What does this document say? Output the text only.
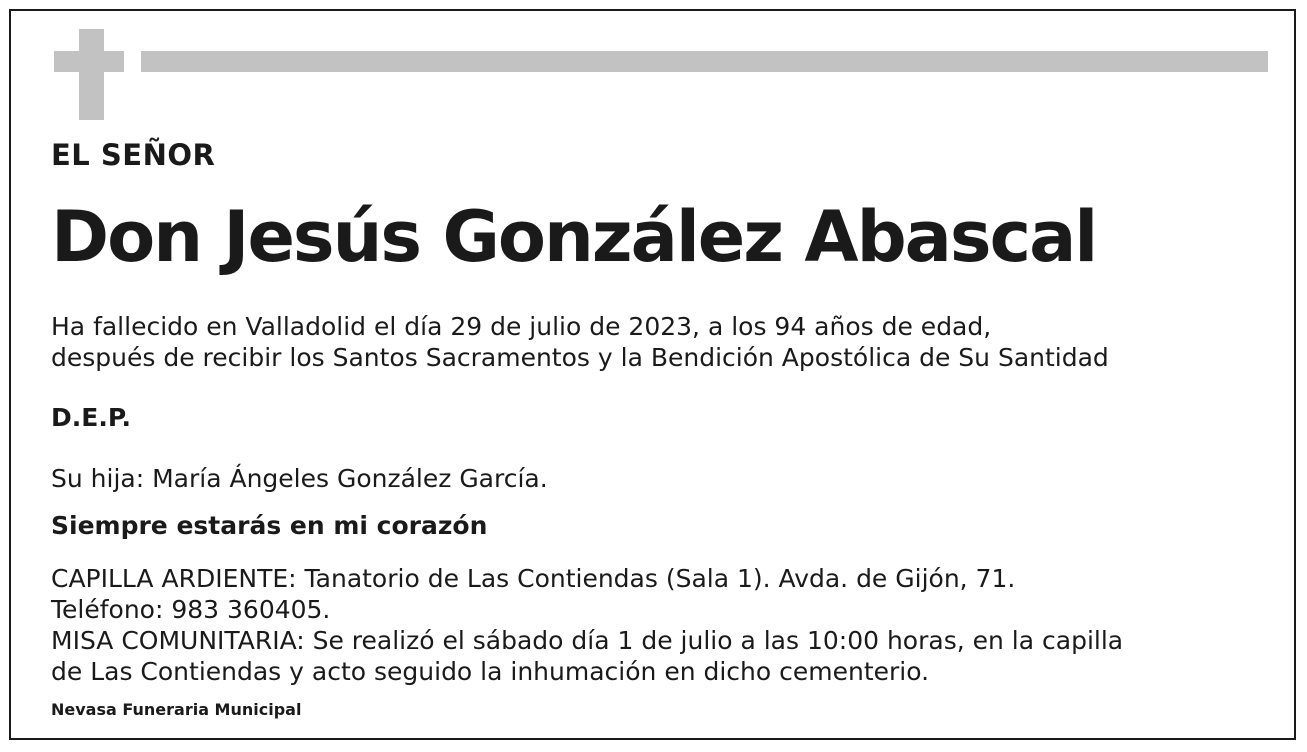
EL SEÑOR

Don Jesús González Abascal

Ha fallecido en Valladolid el día 29 de julio de 2023, a los 94 años de edad,
después de recibir los Santos Sacramentos y la Bendición Apostólica de Su Santidad

D.E.P.

Su hija: María Ángeles González García.

Siempre estarás en mi corazón

CAPILLA ARDIENTE: Tanatorio de Las Contiendas (Sala 1). Avda. de Gijón, 71.
Teléfono: 983 360405.
MISA COMUNITARIA: Se realizó el sábado día 1 de julio a las 10:00 horas, en la capilla
de Las Contiendas y acto seguido la inhumación en dicho cementerio.

Nevasa Funeraria Municipal
